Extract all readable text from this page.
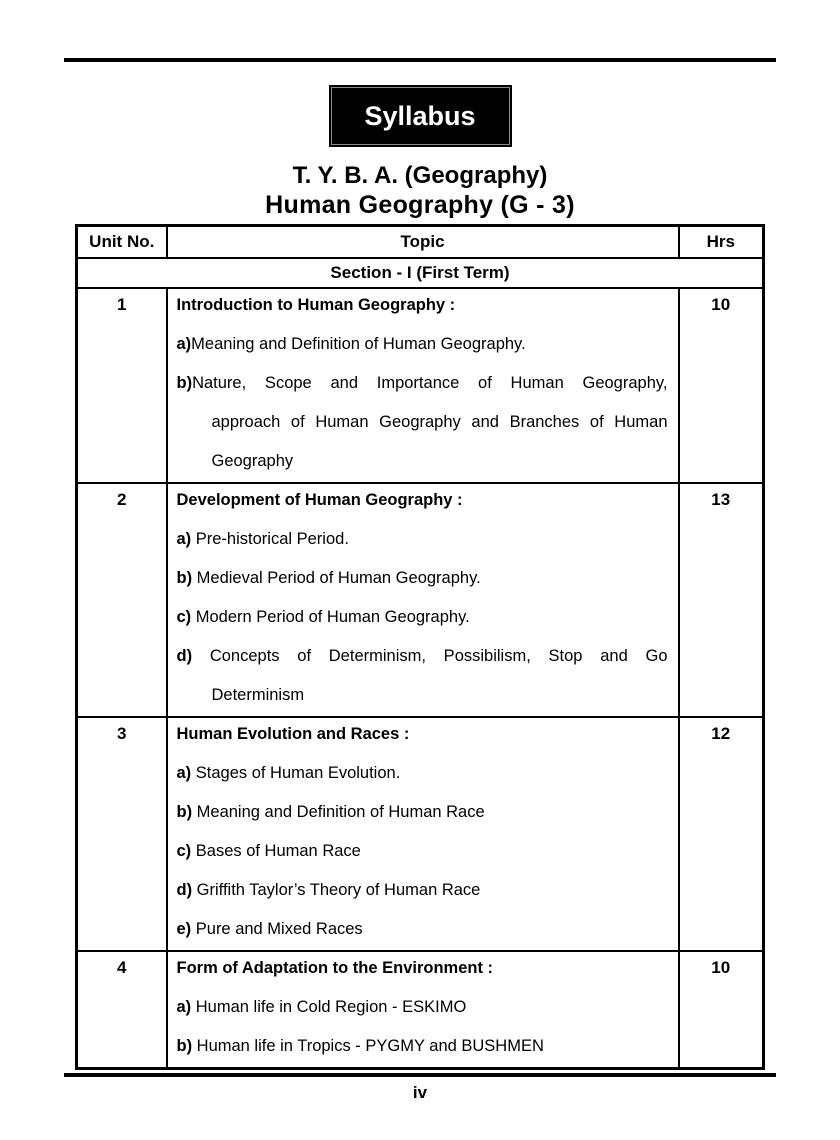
Syllabus
T. Y. B. A. (Geography)
Human Geography (G - 3)
Unit No.	Topic	Hrs
Section - I (First Term)		
1	Introduction to Human Geography :
a)Meaning and Definition of Human Geography.
b)Nature, Scope and Importance of Human Geography,
approach of Human Geography and Branches of Human
Geography	10
2	Development of Human Geography :
a) Pre-historical Period.
b) Medieval Period of Human Geography.
c) Modern Period of Human Geography.
d) Concepts of Determinism, Possibilism, Stop and Go
Determinism
	13
3	Human Evolution and Races :
a) Stages of Human Evolution.
b) Meaning and Definition of Human Race
c) Bases of Human Race
d) Griffith Taylor’s Theory of Human Race
e) Pure and Mixed Races
	12
4	Form of Adaptation to the Environment :
a) Human life in Cold Region - ESKIMO
b) Human life in Tropics - PYGMY and BUSHMEN	10
iv
